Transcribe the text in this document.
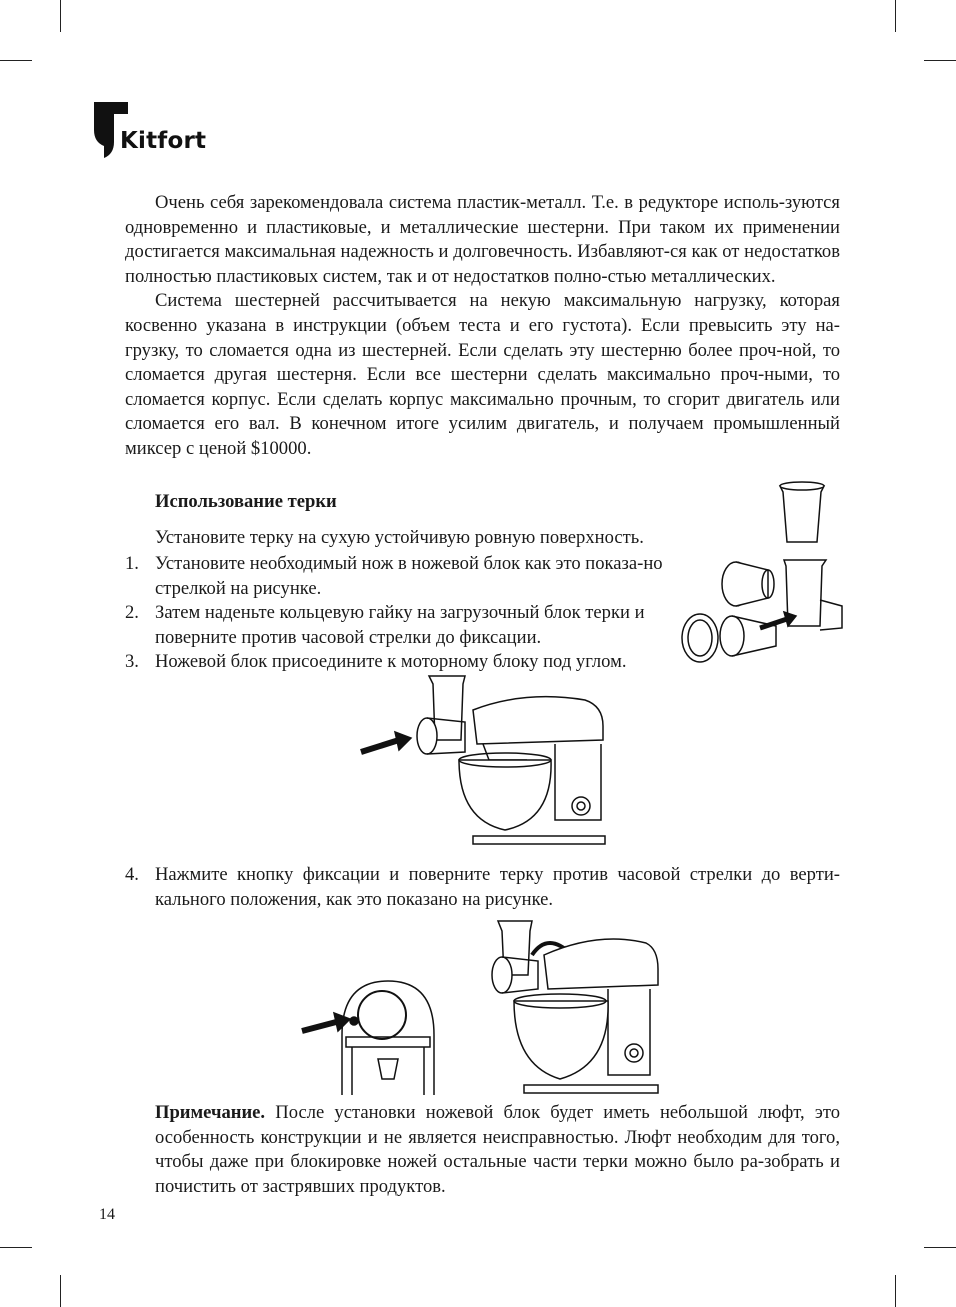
Kitfort

Очень себя зарекомендовала система пластик-металл. Т.е. в редукторе исполь-зуются одновременно и пластиковые, и металлические шестерни. При таком их применении достигается максимальная надежность и долговечность. Избавляют-ся как от недостатков полностью пластиковых систем, так и от недостатков полно-стью металлических.

Система шестерней рассчитывается на некую максимальную нагрузку, которая косвенно указана в инструкции (объем теста и его густота). Если превысить эту на-грузку, то сломается одна из шестерней. Если сделать эту шестерню более проч-ной, то сломается другая шестерня. Если все шестерни сделать максимально проч-ными, то сломается корпус. Если сделать корпус максимально прочным, то сгорит двигатель или сломается его вал. В конечном итоге усилим двигатель, и получаем промышленный миксер с ценой $10000.

Использование терки
Установите терку на сухую устойчивую ровную поверхность.
1. Установите необходимый нож в ножевой блок как это показа-но стрелкой на рисунке.
2. Затем наденьте кольцевую гайку на загрузочный блок терки и поверните против часовой стрелки до фиксации.
3. Ножевой блок присоедините к моторному блоку под углом.
4. Нажмите кнопку фиксации и поверните терку против часовой стрелки до верти-кального положения, как это показано на рисунке.
Примечание. После установки ножевой блок будет иметь небольшой люфт, это особенность конструкции и не является неисправностью. Люфт необходим для того, чтобы даже при блокировке ножей остальные части терки можно было ра-зобрать и почистить от застрявших продуктов.
14
